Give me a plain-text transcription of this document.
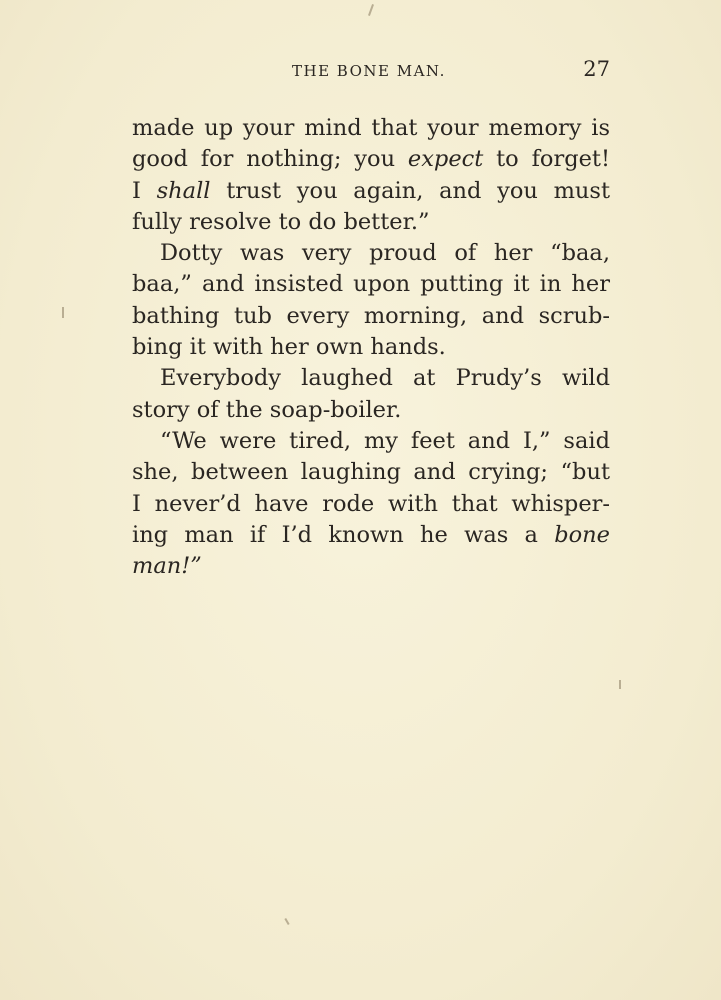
THE BONE MAN.	27
made up your mind that your memory is
good for nothing; you expect to forget!
I shall trust you again, and you must
fully resolve to do better.”
Dotty was very proud of her “baa,
baa,” and insisted upon putting it in her
bathing tub every morning, and scrub-
bing it with her own hands.
Everybody laughed at Prudy’s wild
story of the soap-boiler.
“We were tired, my feet and I,” said
she, between laughing and crying; “but
I never’d have rode with that whisper-
ing man if I’d known he was a bone
man!”
